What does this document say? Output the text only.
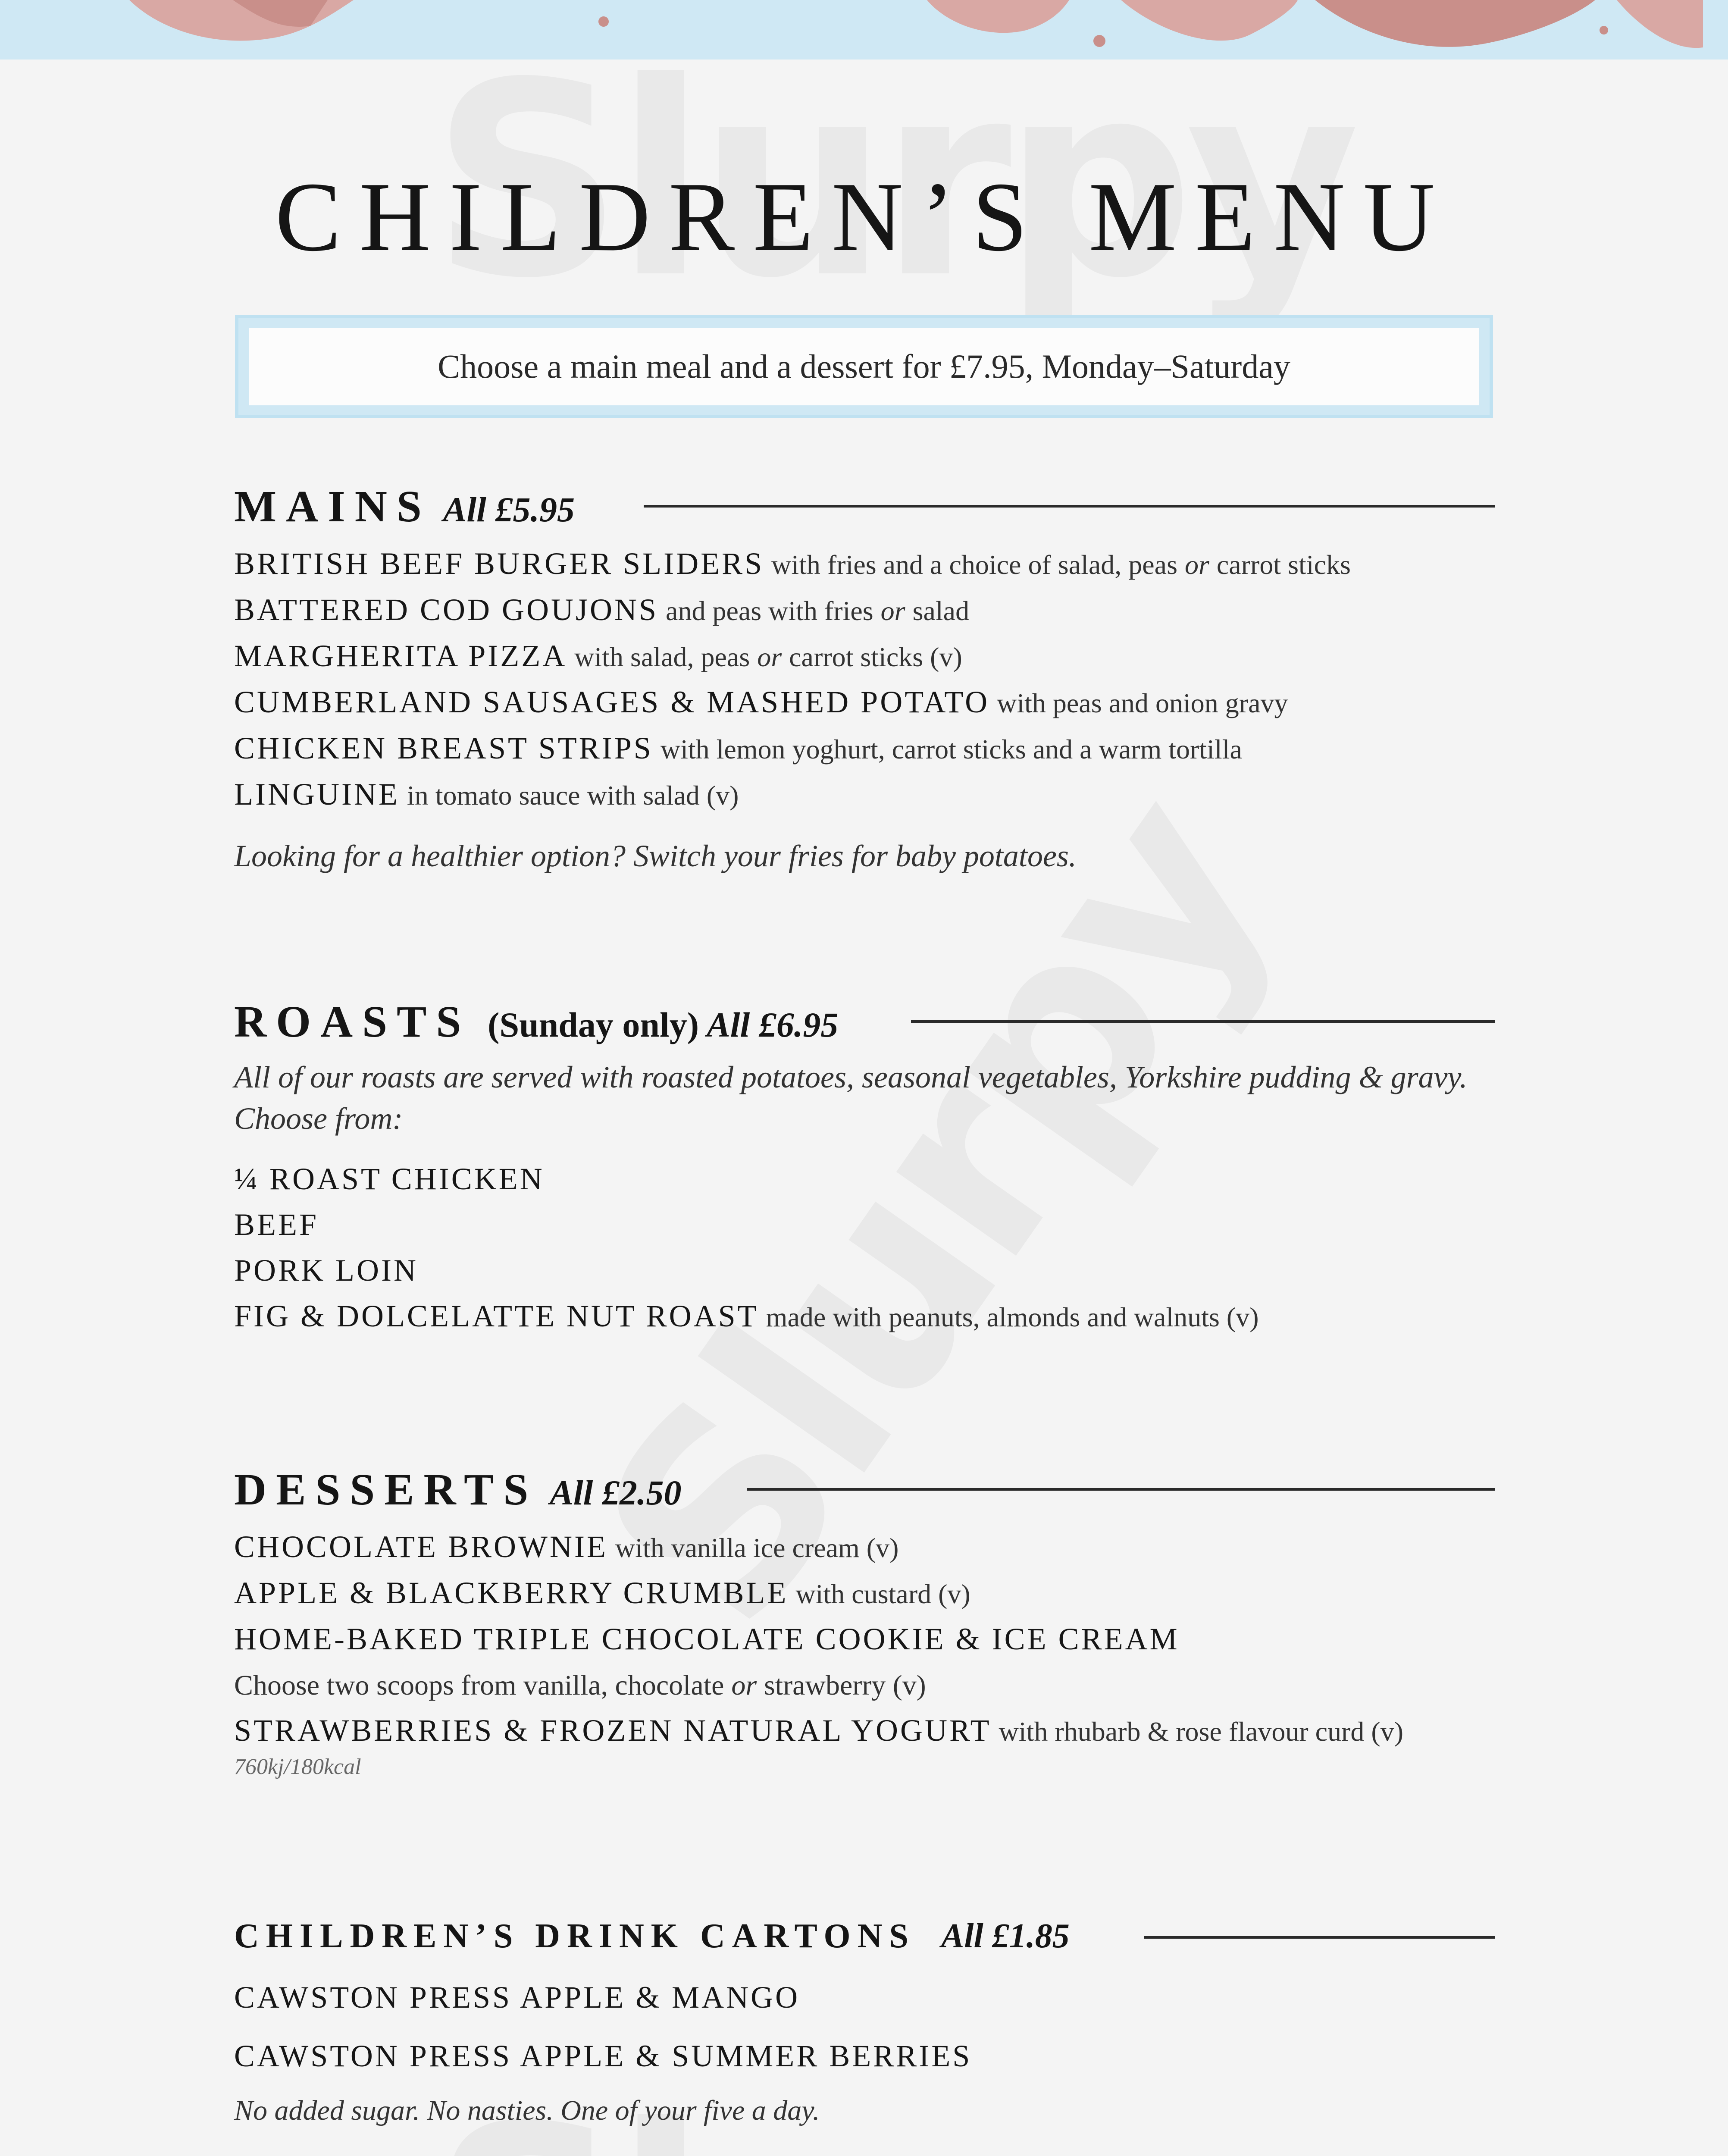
CHILDREN’S MENU
Choose a main meal and a dessert for £7.95, Monday–Saturday
MAINS All £5.95
BRITISH BEEF BURGER SLIDERS with fries and a choice of salad, peas or carrot sticks
BATTERED COD GOUJONS and peas with fries or salad
MARGHERITA PIZZA with salad, peas or carrot sticks (v)
CUMBERLAND SAUSAGES & MASHED POTATO with peas and onion gravy
CHICKEN BREAST STRIPS with lemon yoghurt, carrot sticks and a warm tortilla
LINGUINE in tomato sauce with salad (v)
Looking for a healthier option? Switch your fries for baby potatoes.
ROASTS (Sunday only) All £6.95
All of our roasts are served with roasted potatoes, seasonal vegetables, Yorkshire pudding & gravy.
Choose from:
¼ ROAST CHICKEN
BEEF
PORK LOIN
FIG & DOLCELATTE NUT ROAST made with peanuts, almonds and walnuts (v)
DESSERTS All £2.50
CHOCOLATE BROWNIE with vanilla ice cream (v)
APPLE & BLACKBERRY CRUMBLE with custard (v)
HOME-BAKED TRIPLE CHOCOLATE COOKIE & ICE CREAM
Choose two scoops from vanilla, chocolate or strawberry (v)
STRAWBERRIES & FROZEN NATURAL YOGURT with rhubarb & rose flavour curd (v)
760kj/180kcal
CHILDREN’S DRINK CARTONS All £1.85
CAWSTON PRESS APPLE & MANGO
CAWSTON PRESS APPLE & SUMMER BERRIES
No added sugar. No nasties. One of your five a day.
